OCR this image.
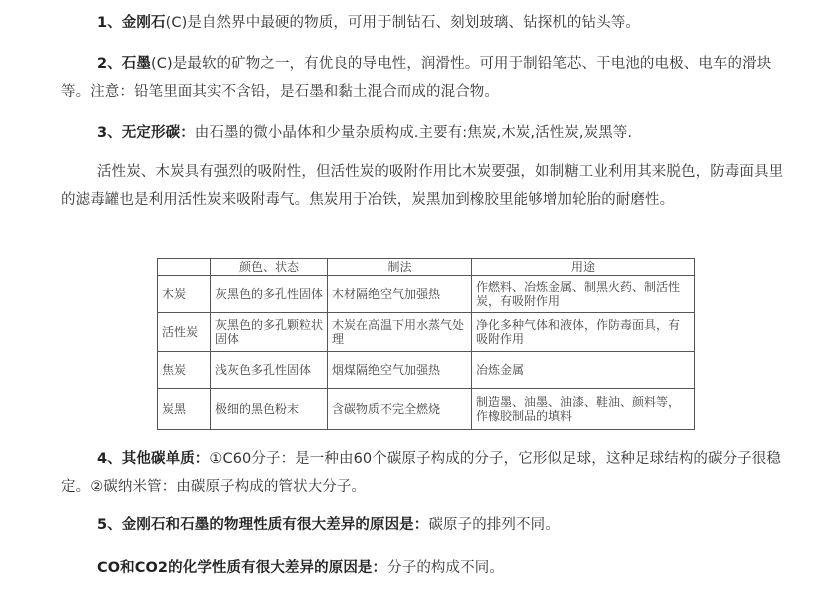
1、金刚石(C)是自然界中最硬的物质，可用于制钻石、刻划玻璃、钻探机的钻头等。
2、石墨(C)是最软的矿物之一，有优良的导电性，润滑性。可用于制铅笔芯、干电池的电极、电车的滑块等。注意：铅笔里面其实不含铅，是石墨和黏土混合而成的混合物。
3、无定形碳：由石墨的微小晶体和少量杂质构成.主要有:焦炭,木炭,活性炭,炭黑等.
活性炭、木炭具有强烈的吸附性，但活性炭的吸附作用比木炭要强，如制糖工业利用其来脱色，防毒面具里的滤毒罐也是利用活性炭来吸附毒气。焦炭用于冶铁，炭黑加到橡胶里能够增加轮胎的耐磨性。
	颜色、状态	制法	用途
木炭	灰黑色的多孔性固体	木材隔绝空气加强热	作燃料、冶炼金属、制黑火药、制活性炭，有吸附作用
活性炭	灰黑色的多孔颗粒状固体	木炭在高温下用水蒸气处理	净化多种气体和液体，作防毒面具，有吸附作用
焦炭	浅灰色多孔性固体	烟煤隔绝空气加强热	冶炼金属
炭黑	极细的黑色粉末	含碳物质不完全燃烧	制造墨、油墨、油漆、鞋油、颜料等，作橡胶制品的填料
4、其他碳单质：①C60分子：是一种由60个碳原子构成的分子，它形似足球，这种足球结构的碳分子很稳定。②碳纳米管：由碳原子构成的管状大分子。
5、金刚石和石墨的物理性质有很大差异的原因是：碳原子的排列不同。
CO和CO2的化学性质有很大差异的原因是：分子的构成不同。
